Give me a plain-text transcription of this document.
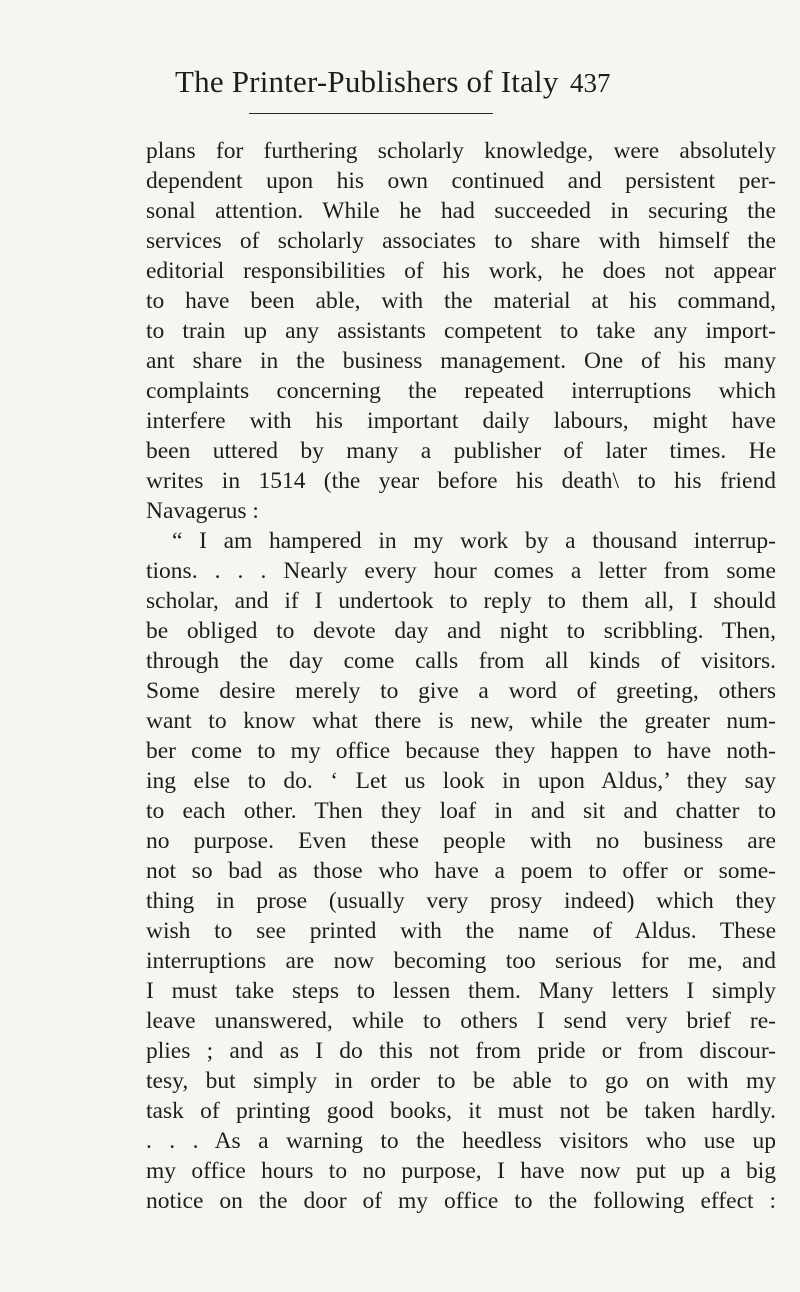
The Printer-Publishers of Italy 437
plans for furthering scholarly knowledge, were absolutely
dependent upon his own continued and persistent per-
sonal attention. While he had succeeded in securing the
services of scholarly associates to share with himself the
editorial responsibilities of his work, he does not appear
to have been able, with the material at his command,
to train up any assistants competent to take any import-
ant share in the business management. One of his many
complaints concerning the repeated interruptions which
interfere with his important daily labours, might have
been uttered by many a publisher of later times. He
writes in 1514 (the year before his death\ to his friend
Navagerus :
“ I am hampered in my work by a thousand interrup-
tions. . . . Nearly every hour comes a letter from some
scholar, and if I undertook to reply to them all, I should
be obliged to devote day and night to scribbling. Then,
through the day come calls from all kinds of visitors.
Some desire merely to give a word of greeting, others
want to know what there is new, while the greater num-
ber come to my office because they happen to have noth-
ing else to do. ‘ Let us look in upon Aldus,’ they say
to each other. Then they loaf in and sit and chatter to
no purpose. Even these people with no business are
not so bad as those who have a poem to offer or some-
thing in prose (usually very prosy indeed) which they
wish to see printed with the name of Aldus. These
interruptions are now becoming too serious for me, and
I must take steps to lessen them. Many letters I simply
leave unanswered, while to others I send very brief re-
plies ; and as I do this not from pride or from discour-
tesy, but simply in order to be able to go on with my
task of printing good books, it must not be taken hardly.
. . . As a warning to the heedless visitors who use up
my office hours to no purpose, I have now put up a big
notice on the door of my office to the following effect :
